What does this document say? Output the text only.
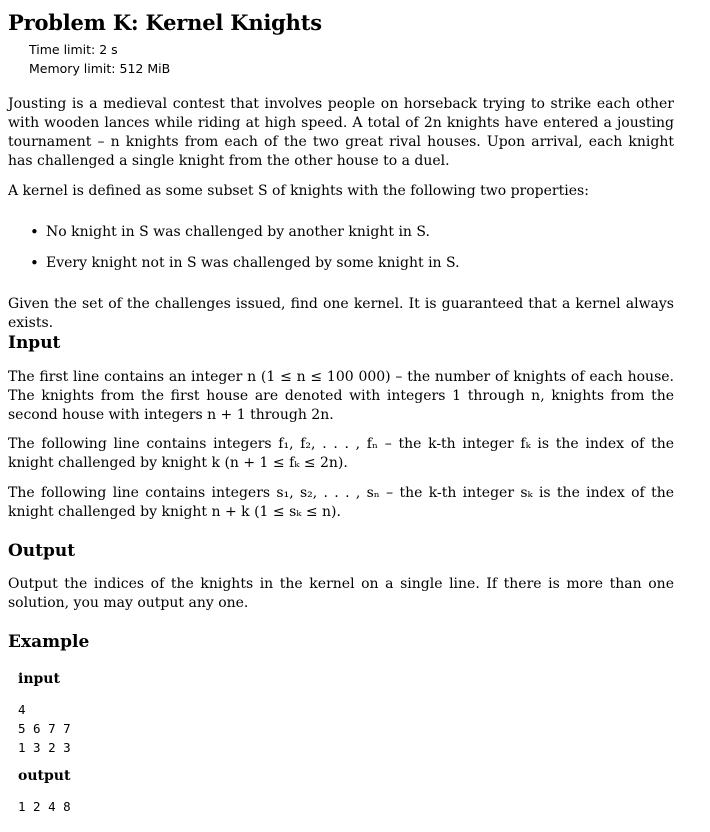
Problem K: Kernel Knights
Time limit: 2 s
Memory limit: 512 MiB

Jousting is a medieval contest that involves people on horseback trying to strike each other with wooden lances while riding at high speed. A total of 2n knights have entered a jousting tournament – n knights from each of the two great rival houses. Upon arrival, each knight has challenged a single knight from the other house to a duel.

A kernel is defined as some subset S of knights with the following two properties:

• No knight in S was challenged by another knight in S.
• Every knight not in S was challenged by some knight in S.

Given the set of the challenges issued, find one kernel. It is guaranteed that a kernel always exists.

Input

The first line contains an integer n (1 ≤ n ≤ 100 000) – the number of knights of each house. The knights from the first house are denoted with integers 1 through n, knights from the second house with integers n + 1 through 2n.

The following line contains integers f₁, f₂, . . . , fₙ – the k-th integer fₖ is the index of the knight challenged by knight k (n + 1 ≤ fₖ ≤ 2n).

The following line contains integers s₁, s₂, . . . , sₙ – the k-th integer sₖ is the index of the knight challenged by knight n + k (1 ≤ sₖ ≤ n).

Output

Output the indices of the knights in the kernel on a single line. If there is more than one solution, you may output any one.

Example
input
4
5 6 7 7
1 3 2 3
output
1 2 4 8
